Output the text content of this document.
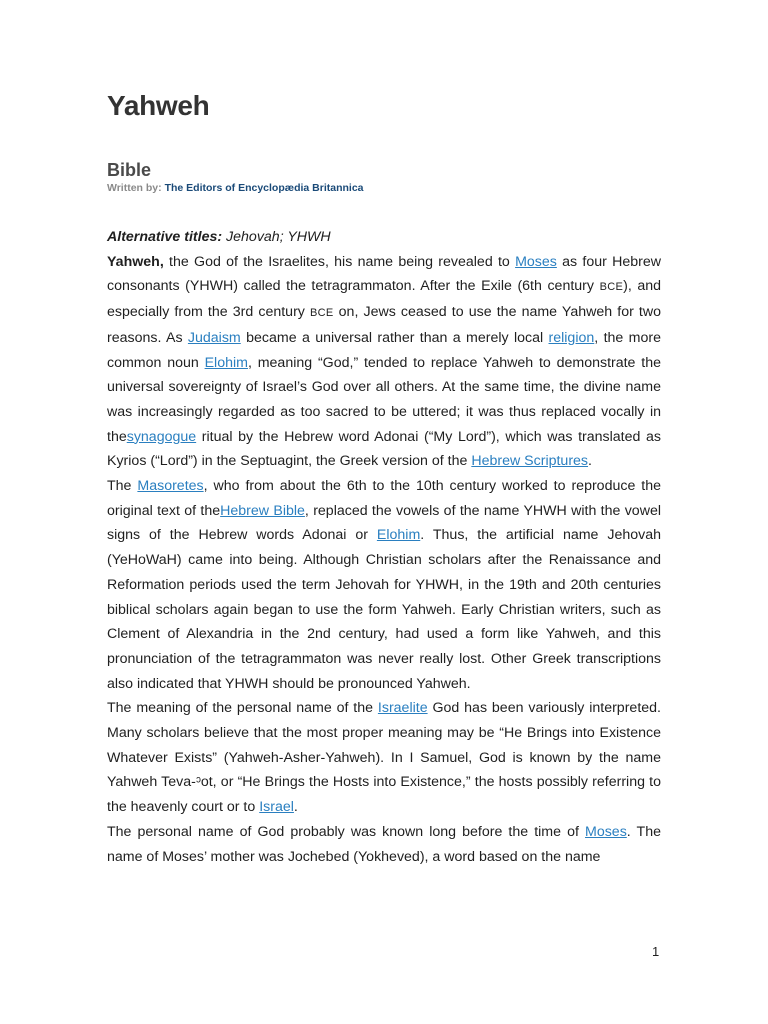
Yahweh
Bible
Written by: The Editors of Encyclopædia Britannica

Alternative titles: Jehovah; YHWH

Yahweh, the God of the Israelites, his name being revealed to Moses as four Hebrew consonants (YHWH) called the tetragrammaton. After the Exile (6th century BCE), and especially from the 3rd century BCE on, Jews ceased to use the name Yahweh for two reasons. As Judaism became a universal rather than a merely local religion, the more common noun Elohim, meaning “God,” tended to replace Yahweh to demonstrate the universal sovereignty of Israel’s God over all others. At the same time, the divine name was increasingly regarded as too sacred to be uttered; it was thus replaced vocally in thesynagogue ritual by the Hebrew word Adonai (“My Lord”), which was translated as Kyrios (“Lord”) in the Septuagint, the Greek version of the Hebrew Scriptures.

The Masoretes, who from about the 6th to the 10th century worked to reproduce the original text of theHebrew Bible, replaced the vowels of the name YHWH with the vowel signs of the Hebrew words Adonai or Elohim. Thus, the artificial name Jehovah (YeHoWaH) came into being. Although Christian scholars after the Renaissance and Reformation periods used the term Jehovah for YHWH, in the 19th and 20th centuries biblical scholars again began to use the form Yahweh. Early Christian writers, such as Clement of Alexandria in the 2nd century, had used a form like Yahweh, and this pronunciation of the tetragrammaton was never really lost. Other Greek transcriptions also indicated that YHWH should be pronounced Yahweh.

The meaning of the personal name of the Israelite God has been variously interpreted. Many scholars believe that the most proper meaning may be “He Brings into Existence Whatever Exists” (Yahweh-Asher-Yahweh). In I Samuel, God is known by the name Yahweh Teva-ᵓot, or “He Brings the Hosts into Existence,” the hosts possibly referring to the heavenly court or to Israel.

The personal name of God probably was known long before the time of Moses. The name of Moses’ mother was Jochebed (Yokheved), a word based on the name

1
